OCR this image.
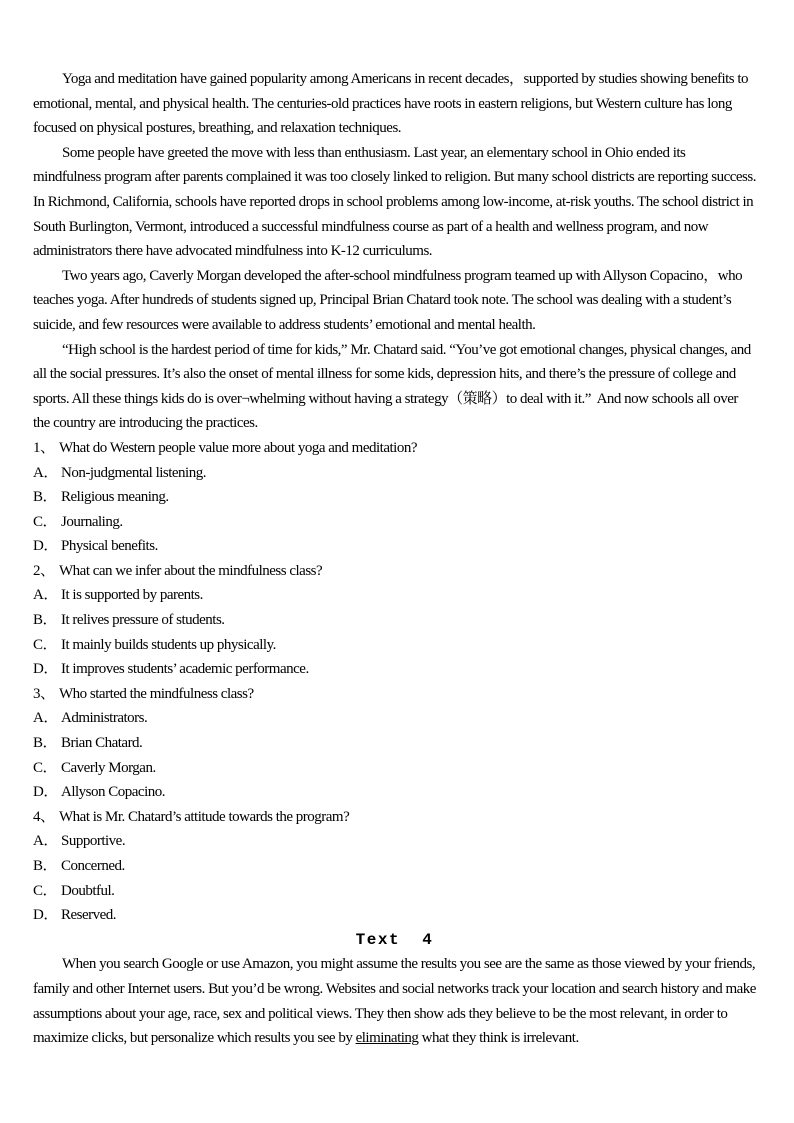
Yoga and meditation have gained popularity among Americans in recent decades，supported by studies showing benefits to emotional, mental, and physical health. The centuries-old practices have roots in eastern religions, but Western culture has long focused on physical postures, breathing, and relaxation techniques.

Some people have greeted the move with less than enthusiasm. Last year, an elementary school in Ohio ended its mindfulness program after parents complained it was too closely linked to religion. But many school districts are reporting success. In Richmond, California, schools have reported drops in school problems among low-income, at-risk youths. The school district in South Burlington, Vermont, introduced a successful mindfulness course as part of a health and wellness program, and now administrators there have advocated mindfulness into K-12 curriculums.

Two years ago, Caverly Morgan developed the after-school mindfulness program teamed up with Allyson Copacino，who teaches yoga. After hundreds of students signed up, Principal Brian Chatard took note. The school was dealing with a student’s suicide, and few resources were available to address students’ emotional and mental health.

“High school is the hardest period of time for kids,” Mr. Chatard said. “You’ve got emotional changes, physical changes, and all the social pressures. It’s also the onset of mental illness for some kids, depression hits, and there’s the pressure of college and sports. All these things kids do is over¬whelming without having a strategy（策略）to deal with it.”  And now schools all over the country are introducing the practices.

1、 What do Western people value more about yoga and meditation?

A． Non-judgmental listening.

B． Religious meaning.

C． Journaling.

D． Physical benefits.

2、 What can we infer about the mindfulness class?

A． It is supported by parents.

B． It relives pressure of students.

C． It mainly builds students up physically.

D． It improves students’ academic performance.

3、 Who started the mindfulness class?

A． Administrators.

B． Brian Chatard.

C． Caverly Morgan.

D． Allyson Copacino.

4、 What is Mr. Chatard’s attitude towards the program?

A． Supportive.

B． Concerned.

C． Doubtful.

D． Reserved.

Text  4

When you search Google or use Amazon, you might assume the results you see are the same as those viewed by your friends, family and other Internet users. But you’d be wrong. Websites and social networks track your location and search history and make assumptions about your age, race, sex and political views. They then show ads they believe to be the most relevant, in order to maximize clicks, but personalize which results you see by eliminating what they think is irrelevant.
